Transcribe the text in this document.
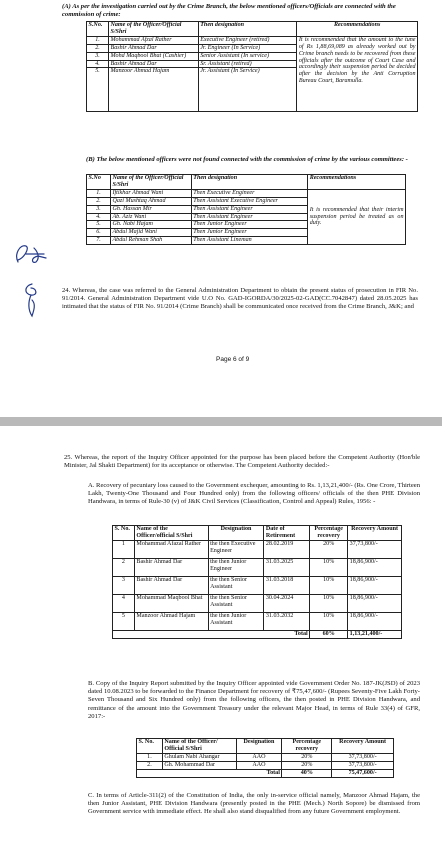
(A) As per the investigation carried out by the Crime Branch, the below mentioned officers/Officials are connected with the commission of crime:
S.No.	Name of the Officer/Official S/Shri	Then designation	Recommendations
1.	Mohammad Afzal Rather	Executive Engineer (retired)	It is recommended that the amount to the tune of Rs 1,88,69,089 as already worked out by Crime branch needs to be recovered from these officials after the outcome of Court Case and accordingly their suspension period be decided after the decision by the Anti Corruption Bureau Court, Baramulla.
2.	Bashir Ahmad Dar	Jr. Engineer (In Service)	
3.	Mohd Maqbool Bhat (Cashier)	Senior Assistant (In service)	
4.	Bashir Ahmad Dar	Sr. Assistant (retired)	
5.	Manzoor Ahmad Hajam	Jr. Assistant (In Service)	
(B) The below mentioned officers were not found connected with the commission of crime by the various committees: -
S.No	Name of the Officer/Official S/Shri	Then designation	Recommendations
1.	Iftikhar Ahmad Wani	Then Executive Engineer	It is recommended that their interim suspension period be treated as on duty.
2.	Qazi Mushtaq Ahmad	Then Assistant Executive Engineer	
3.	Gh. Hassan Mir	Then Assistant Engineer	
4.	Ab. Aziz Wani	Then Assistant Engineer	
5.	Gh. Nabi Hajam	Then Junior Engineer	
6.	Abdul Majid Wani	Then Junior Engineer	
7.	Abdul Rehman Shah	Then Assistant Lineman	
24. Whereas, the case was referred to the General Administration Department to obtain the present status of prosecution in FIR No. 91/2014. General Administration Department vide U.O No. GAD-IGORDA/30/2025-02-GAD(CC.7042847) dated 28.05.2025 has intimated that the status of FIR No. 91/2014 (Crime Branch) shall be communicated once received from the Crime Branch, J&K; and
Page 6 of 9
25. Whereas, the report of the Inquiry Officer appointed for the purpose has been placed before the Competent Authority (Hon'ble Minister, Jal Shakti Department) for its acceptance or otherwise. The Competent Authority decided:-
A. Recovery of pecuniary loss caused to the Government exchequer, amounting to Rs. 1,13,21,400/- (Rs. One Crore, Thirteen Lakh, Twenty-One Thousand and Four Hundred only) from the following officers/ officials of the then PHE Division Handwara, in terms of Rule-30 (v) of J&K Civil Services (Classification, Control and Appeal) Rules, 1956: -
S. No.	Name of the Officer/official S/Shri	Designation	Date of Retirement	Percentage recovery	Recovery Amount
1	Mohammad Afazal Rather	the then Executive Engineer	28.02.2019	20%	37,73,800/-
2	Bashir Ahmad Dar	the then Junior Engineer	31.03.2025	10%	18,86,900/-
3	Bashir Ahmad Dar	the then Senior Assistant	31.03.2018	10%	18,86,900/-
4	Mohammad Maqbool Bhat	the then Senior Assistant	30.04.2024	10%	18,86,900/-
5	Manzoor Ahmad Hajam	the then Junior Assistant	31.03.2032	10%	18,86,900/-
Total				60%	1,13,21,400/-
B. Copy of the Inquiry Report submitted by the Inquiry Officer appointed vide Government Order No. 187-JK(JSD) of 2023 dated 10.08.2023 to be forwarded to the Finance Department for recovery of ₹75,47,600/- (Rupees Seventy-Five Lakh Forty-Seven Thousand and Six Hundred only) from the following officers, the then posted in PHE Division Handwara, and remittance of the amount into the Government Treasury under the relevant Major Head, in terms of Rule 33(4) of GFR, 2017:-
S. No.	Name of the Officer/ Official S/Shri	Designation	Percentage recovery	Recovery Amount
1.	Ghulam Nabi Ahangar	AAO	20%	37,73,800/-
2.	Gh. Mohammad Dar	AAO	20%	37,73,800/-
Total			40%	75,47,600/-
C. In terms of Article-311(2) of the Constitution of India, the only in-service official namely, Manzoor Ahmad Hajam, the then Junior Assistant, PHE Division Handwara (presently posted in the PHE (Mech.) North Sopore) be dismissed from Government service with immediate effect. He shall also stand disqualified from any future Government employment.
